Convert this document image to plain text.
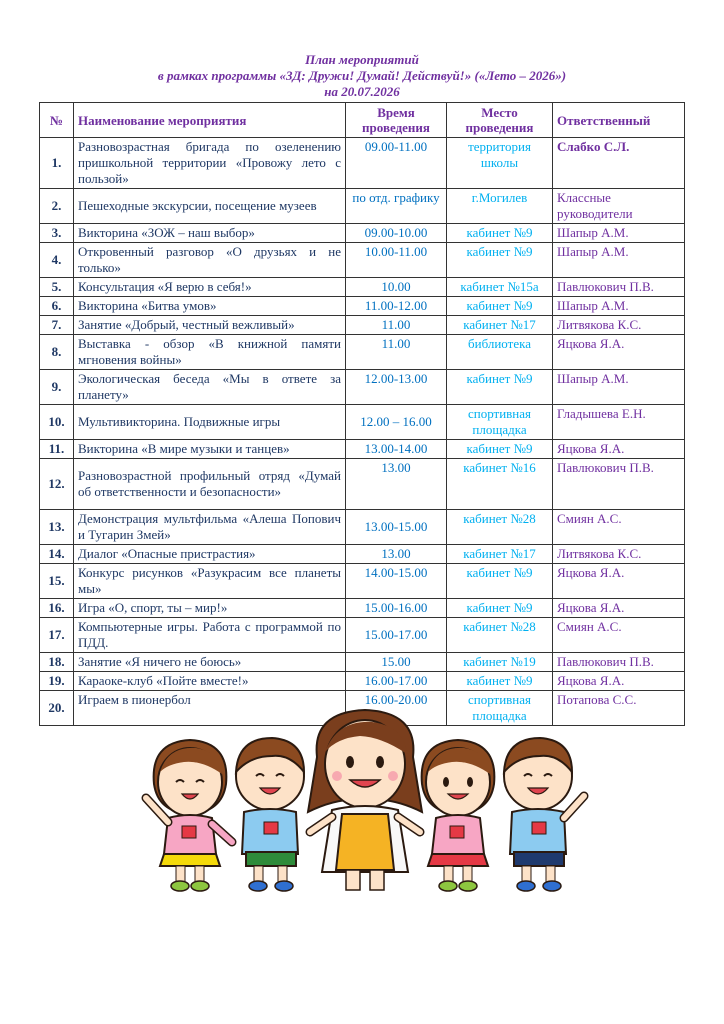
План мероприятий
в рамках программы «3Д: Дружи! Думай! Действуй!» («Лето – 2026»)
на 20.07.2026
№	Наименование мероприятия	Время проведения	Место проведения	Ответственный
1.	Разновозрастная бригада по озеленению пришкольной территории «Провожу лето с пользой»	09.00-11.00	территория школы	Слабко С.Л.
2.	Пешеходные экскурсии, посещение музеев	по отд. графику	г.Могилев	Классные руководители
3.	Викторина «ЗОЖ – наш выбор»	09.00-10.00	кабинет №9	Шапыр А.М.
4.	Откровенный разговор «О друзьях и не только»	10.00-11.00	кабинет №9	Шапыр А.М.
5.	Консультация «Я верю в себя!»	10.00	кабинет №15а	Павлюкович П.В.
6.	Викторина «Битва умов»	11.00-12.00	кабинет №9	Шапыр А.М.
7.	Занятие «Добрый, честный вежливый»	11.00	кабинет №17	Литвякова К.С.
8.	Выставка - обзор «В книжной памяти мгновения войны»	11.00	библиотека	Яцкова Я.А.
9.	Экологическая беседа «Мы в ответе за планету»	12.00-13.00	кабинет №9	Шапыр А.М.
10.	Мультивикторина. Подвижные игры	12.00 – 16.00	спортивная площадка	Гладышева Е.Н.
11.	Викторина «В мире музыки и танцев»	13.00-14.00	кабинет №9	Яцкова Я.А.
12.	Разновозрастной профильный отряд «Думай об ответственности и безопасности»	13.00	кабинет №16	Павлюкович П.В.
13.	Демонстрация мультфильма «Алеша Попович и Тугарин Змей»	13.00-15.00	кабинет №28	Смиян А.С.
14.	Диалог «Опасные пристрастия»	13.00	кабинет №17	Литвякова К.С.
15.	Конкурс рисунков «Разукрасим все планеты мы»	14.00-15.00	кабинет №9	Яцкова Я.А.
16.	Игра «О, спорт, ты – мир!»	15.00-16.00	кабинет №9	Яцкова Я.А.
17.	Компьютерные игры. Работа с программой по ПДД.	15.00-17.00	кабинет №28	Смиян А.С.
18.	Занятие «Я ничего не боюсь»	15.00	кабинет №19	Павлюкович П.В.
19.	Караоке-клуб «Пойте вместе!»	16.00-17.00	кабинет №9	Яцкова Я.А.
20.	Играем в пионербол	16.00-20.00	спортивная площадка	Потапова С.С.
